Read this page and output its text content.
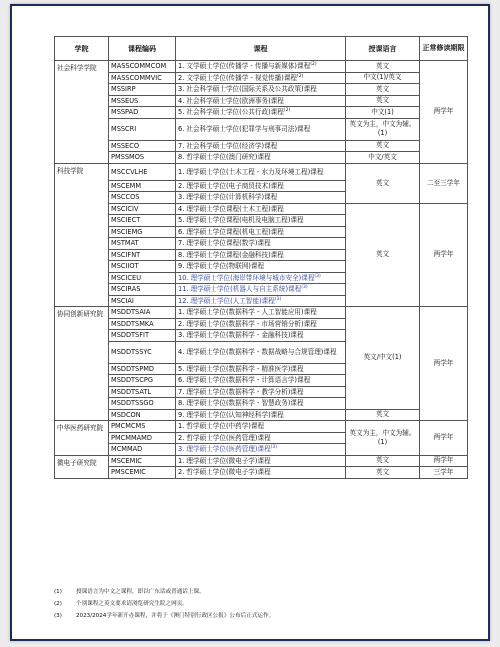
学院	课程编码	课程	授课语言	正常修读期限
社会科学学院	MASSCOMMCOM	1. 文学硕士学位(传播学 - 传播与新媒体)课程$^{(2)}$	英文	两学年
	MASSCOMMVIC	2. 文学硕士学位(传播学 - 视觉传播)课程$^{(2)}$	中文(1)/英文	
	MSSIRP	3. 社会科学硕士学位(国际关系及公共政策)课程	英文	
	MSSEUS	4. 社会科学硕士学位(欧洲事务)课程	英文	
	MSSPAD	5. 社会科学硕士学位(公共行政)课程$^{(2)}$	中文(1)	
	MSSCRI	6. 社会科学硕士学位(犯罪学与刑事司法)课程	英文为主，中文为辅。(1)	
	MSSECO	7. 社会科学硕士学位(经济学)课程	英文	
	PMSSMOS	8. 哲学硕士学位(澳门研究)课程	中文/英文	
科技学院	MSCCVLHE	1. 理学硕士学位(土木工程 - 水力及环境工程)课程	英文	二至三学年
	MSCEMM	2. 理学硕士学位(电子商贸技术)课程		
	MSCCOS	3. 理学硕士学位(计算机科学)课程		
	MSCICIV	4. 理学硕士学位课程(土木工程)课程	英文	两学年
	MSCIECT	5. 理学硕士学位课程(电机及电脑工程)课程		
	MSCIEMG	6. 理学硕士学位课程(机电工程)课程		
	MSTMAT	7. 理学硕士学位课程(数学)课程		
	MSCIFNT	8. 理学硕士学位课程(金融科技)课程		
	MSCIIOT	9. 理学硕士学位(物联网)课程		
	MSCICEU	10. 理学硕士学位(海岸带环境与城市安全)课程$^{(3)}$
	MSCIRAS	11. 理学硕士学位(机器人与自主系统)课程$^{(3)}$
	MSCIAI	12. 理学硕士学位(人工智能)课程$^{(3)}$
协同创新研究院	MSDDTSAIA	1. 理学硕士学位(数据科学 - 人工智能应用)课程	英文/中文(1)	两学年
	MSDDTSMKA	2. 理学硕士学位(数据科学 - 市场营销分析)课程		
	MSDDTSFIT	3. 理学硕士学位(数据科学 - 金融科技)课程		
	MSDDTSSYC	4. 理学硕士学位(数据科学 - 数据战略与合规管理)课程		
	MSDDTSPMD	5. 理学硕士学位(数据科学 - 精准医学)课程		
	MSDDTSCPG	6. 理学硕士学位(数据科学 - 计算语言学)课程		
	MSDDTSATL	7. 理学硕士学位(数据科学 - 教学分析)课程		
	MSDDTSSGO	8. 理学硕士学位(数据科学 - 智慧政务)课程		
	MSDCON	9. 理学硕士学位(认知神经科学)课程	英文	
中华医药研究院	PMCMCMS	1. 哲学硕士学位(中药学)课程	英文为主，中文为辅。(1)	两学年
	PMCMMAMD	2. 哲学硕士学位(医药管理)课程		
	MCMMAD	3. 理学硕士学位(医药管理)课程$^{(3)}$
微电子研究院	MSCEMIC	1. 理学硕士学位(微电子学)课程	英文	两学年
	PMSCEMIC	2. 哲学硕士学位(微电子学)课程	英文	三学年
(1)	授课语言为中文之课程，即以广东话或普通话上课。
(2)	个别课程之英文要求请浏览研究生院之网页。
(3)	2023/2024学年新开办课程，并将于《澳门特别行政区公报》公布后正式运作。
